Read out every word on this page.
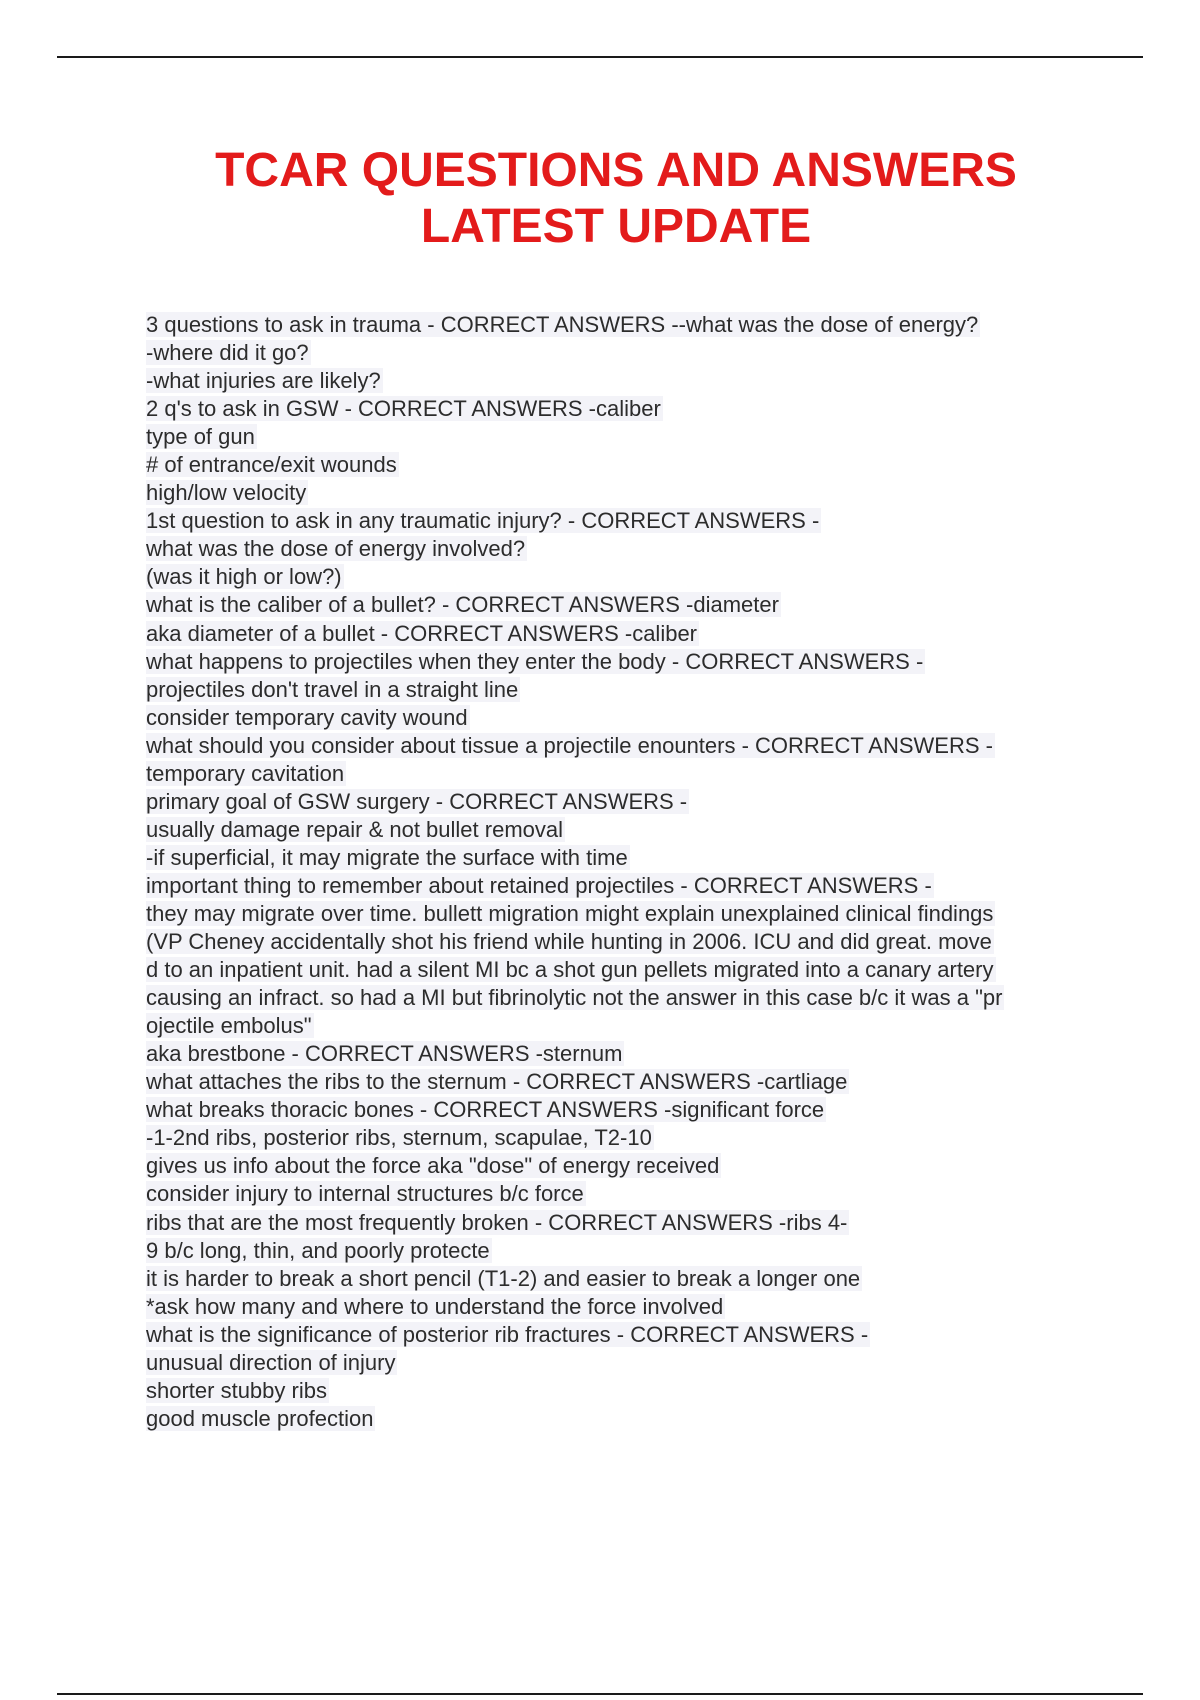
TCAR QUESTIONS AND ANSWERS
LATEST UPDATE
3 questions to ask in trauma - CORRECT ANSWERS --what was the dose of energy?
-where did it go?
-what injuries are likely?
2 q's to ask in GSW - CORRECT ANSWERS -caliber
type of gun
# of entrance/exit wounds
high/low velocity
1st question to ask in any traumatic injury? - CORRECT ANSWERS -
what was the dose of energy involved?
(was it high or low?)
what is the caliber of a bullet? - CORRECT ANSWERS -diameter
aka diameter of a bullet - CORRECT ANSWERS -caliber
what happens to projectiles when they enter the body - CORRECT ANSWERS -
projectiles don't travel in a straight line
consider temporary cavity wound
what should you consider about tissue a projectile enounters - CORRECT ANSWERS -
temporary cavitation
primary goal of GSW surgery - CORRECT ANSWERS -
usually damage repair & not bullet removal
-if superficial, it may migrate the surface with time
important thing to remember about retained projectiles - CORRECT ANSWERS -
they may migrate over time. bullett migration might explain unexplained clinical findings
(VP Cheney accidentally shot his friend while hunting in 2006. ICU and did great. move
d to an inpatient unit. had a silent MI bc a shot gun pellets migrated into a canary artery
causing an infract. so had a MI but fibrinolytic not the answer in this case b/c it was a "pr
ojectile embolus"
aka brestbone - CORRECT ANSWERS -sternum
what attaches the ribs to the sternum - CORRECT ANSWERS -cartliage
what breaks thoracic bones - CORRECT ANSWERS -significant force
-1-2nd ribs, posterior ribs, sternum, scapulae, T2-10
gives us info about the force aka "dose" of energy received
consider injury to internal structures b/c force
ribs that are the most frequently broken - CORRECT ANSWERS -ribs 4-
9 b/c long, thin, and poorly protecte
it is harder to break a short pencil (T1-2) and easier to break a longer one
*ask how many and where to understand the force involved
what is the significance of posterior rib fractures - CORRECT ANSWERS -
unusual direction of injury
shorter stubby ribs
good muscle profection
